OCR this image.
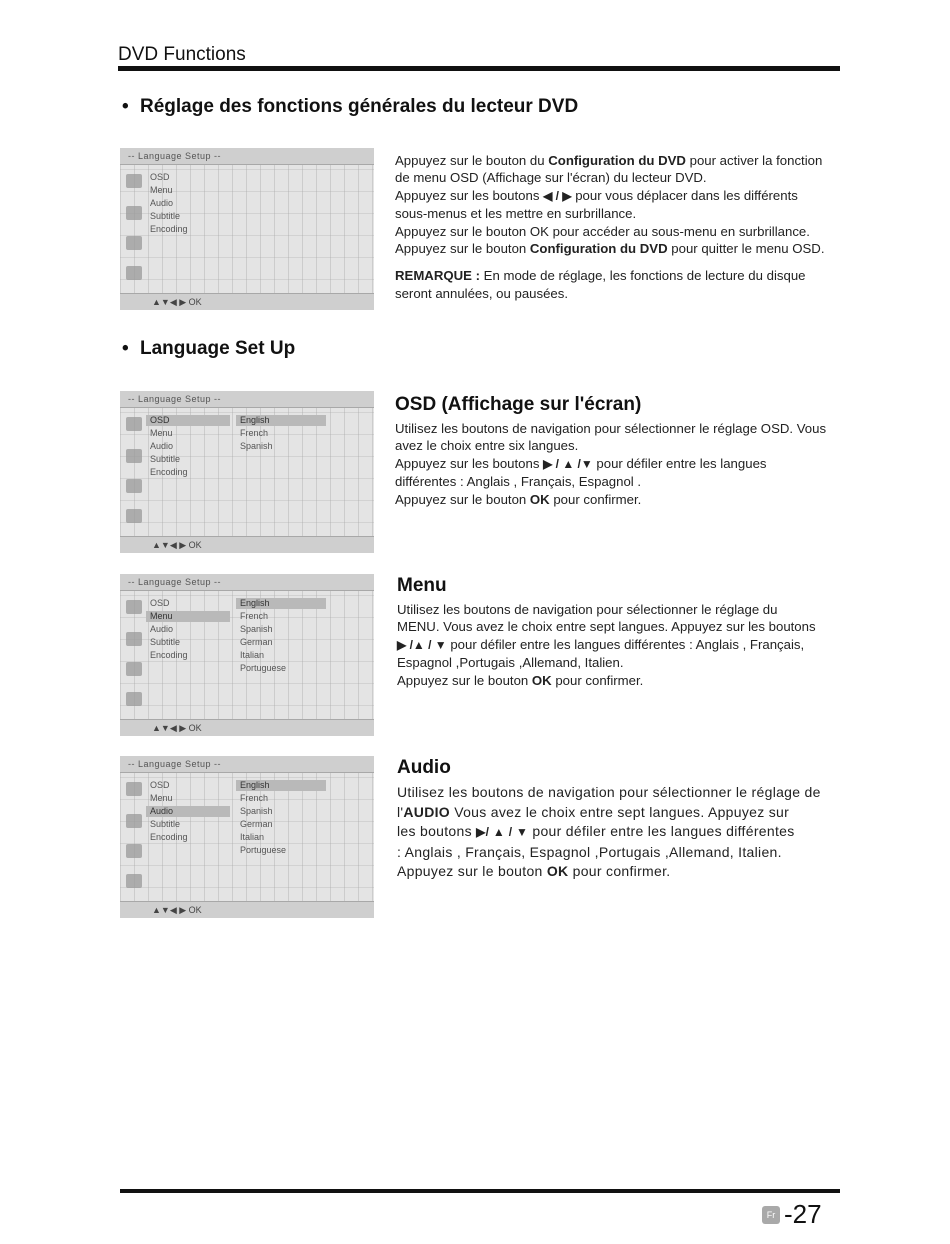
DVD Functions
• Réglage des fonctions générales du lecteur DVD
-- Language Setup --
OSD
Menu
Audio
Subtitle
Encoding
▲▼◀ ▶ OK

Appuyez sur le bouton du Configuration du DVD pour activer la fonction

de menu OSD (Affichage sur l'écran) du lecteur DVD.

Appuyez sur les boutons ◀ / ▶ pour vous déplacer dans les différents

sous-menus et les mettre en surbrillance.

Appuyez sur le bouton OK pour accéder au sous-menu en surbrillance.

Appuyez sur le bouton Configuration du DVD pour quitter le menu OSD.

REMARQUE : En mode de réglage, les fonctions de lecture du disque

seront annulées, ou pausées.

• Language Set Up
-- Language Setup --
OSD
Menu
Audio
Subtitle
Encoding
English
French
Spanish
▲▼◀ ▶ OK
OSD (Affichage sur l'écran)

Utilisez les boutons de navigation pour sélectionner le réglage OSD. Vous

avez le choix entre six langues.

Appuyez sur les boutons ▶ / ▲ /▼ pour défiler entre les langues

différentes : Anglais , Français, Espagnol .

Appuyez sur le bouton OK pour confirmer.

-- Language Setup --
OSD
Menu
Audio
Subtitle
Encoding
English
French
Spanish
German
Italian
Portuguese
▲▼◀ ▶ OK
Menu

Utilisez les boutons de navigation pour sélectionner le réglage du

MENU. Vous avez le choix entre sept langues. Appuyez sur les boutons

▶ /▲ / ▼ pour défiler entre les langues différentes : Anglais , Français,

Espagnol ,Portugais ,Allemand, Italien.

Appuyez sur le bouton OK pour confirmer.

-- Language Setup --
OSD
Menu
Audio
Subtitle
Encoding
English
French
Spanish
German
Italian
Portuguese
▲▼◀ ▶ OK
Audio

Utilisez les boutons de navigation pour sélectionner le réglage de

l'AUDIO Vous avez le choix entre sept langues. Appuyez sur

les boutons ▶/ ▲ / ▼ pour défiler entre les langues différentes

: Anglais , Français, Espagnol ,Portugais ,Allemand, Italien.

Appuyez sur le bouton OK pour confirmer.

Fr -27
